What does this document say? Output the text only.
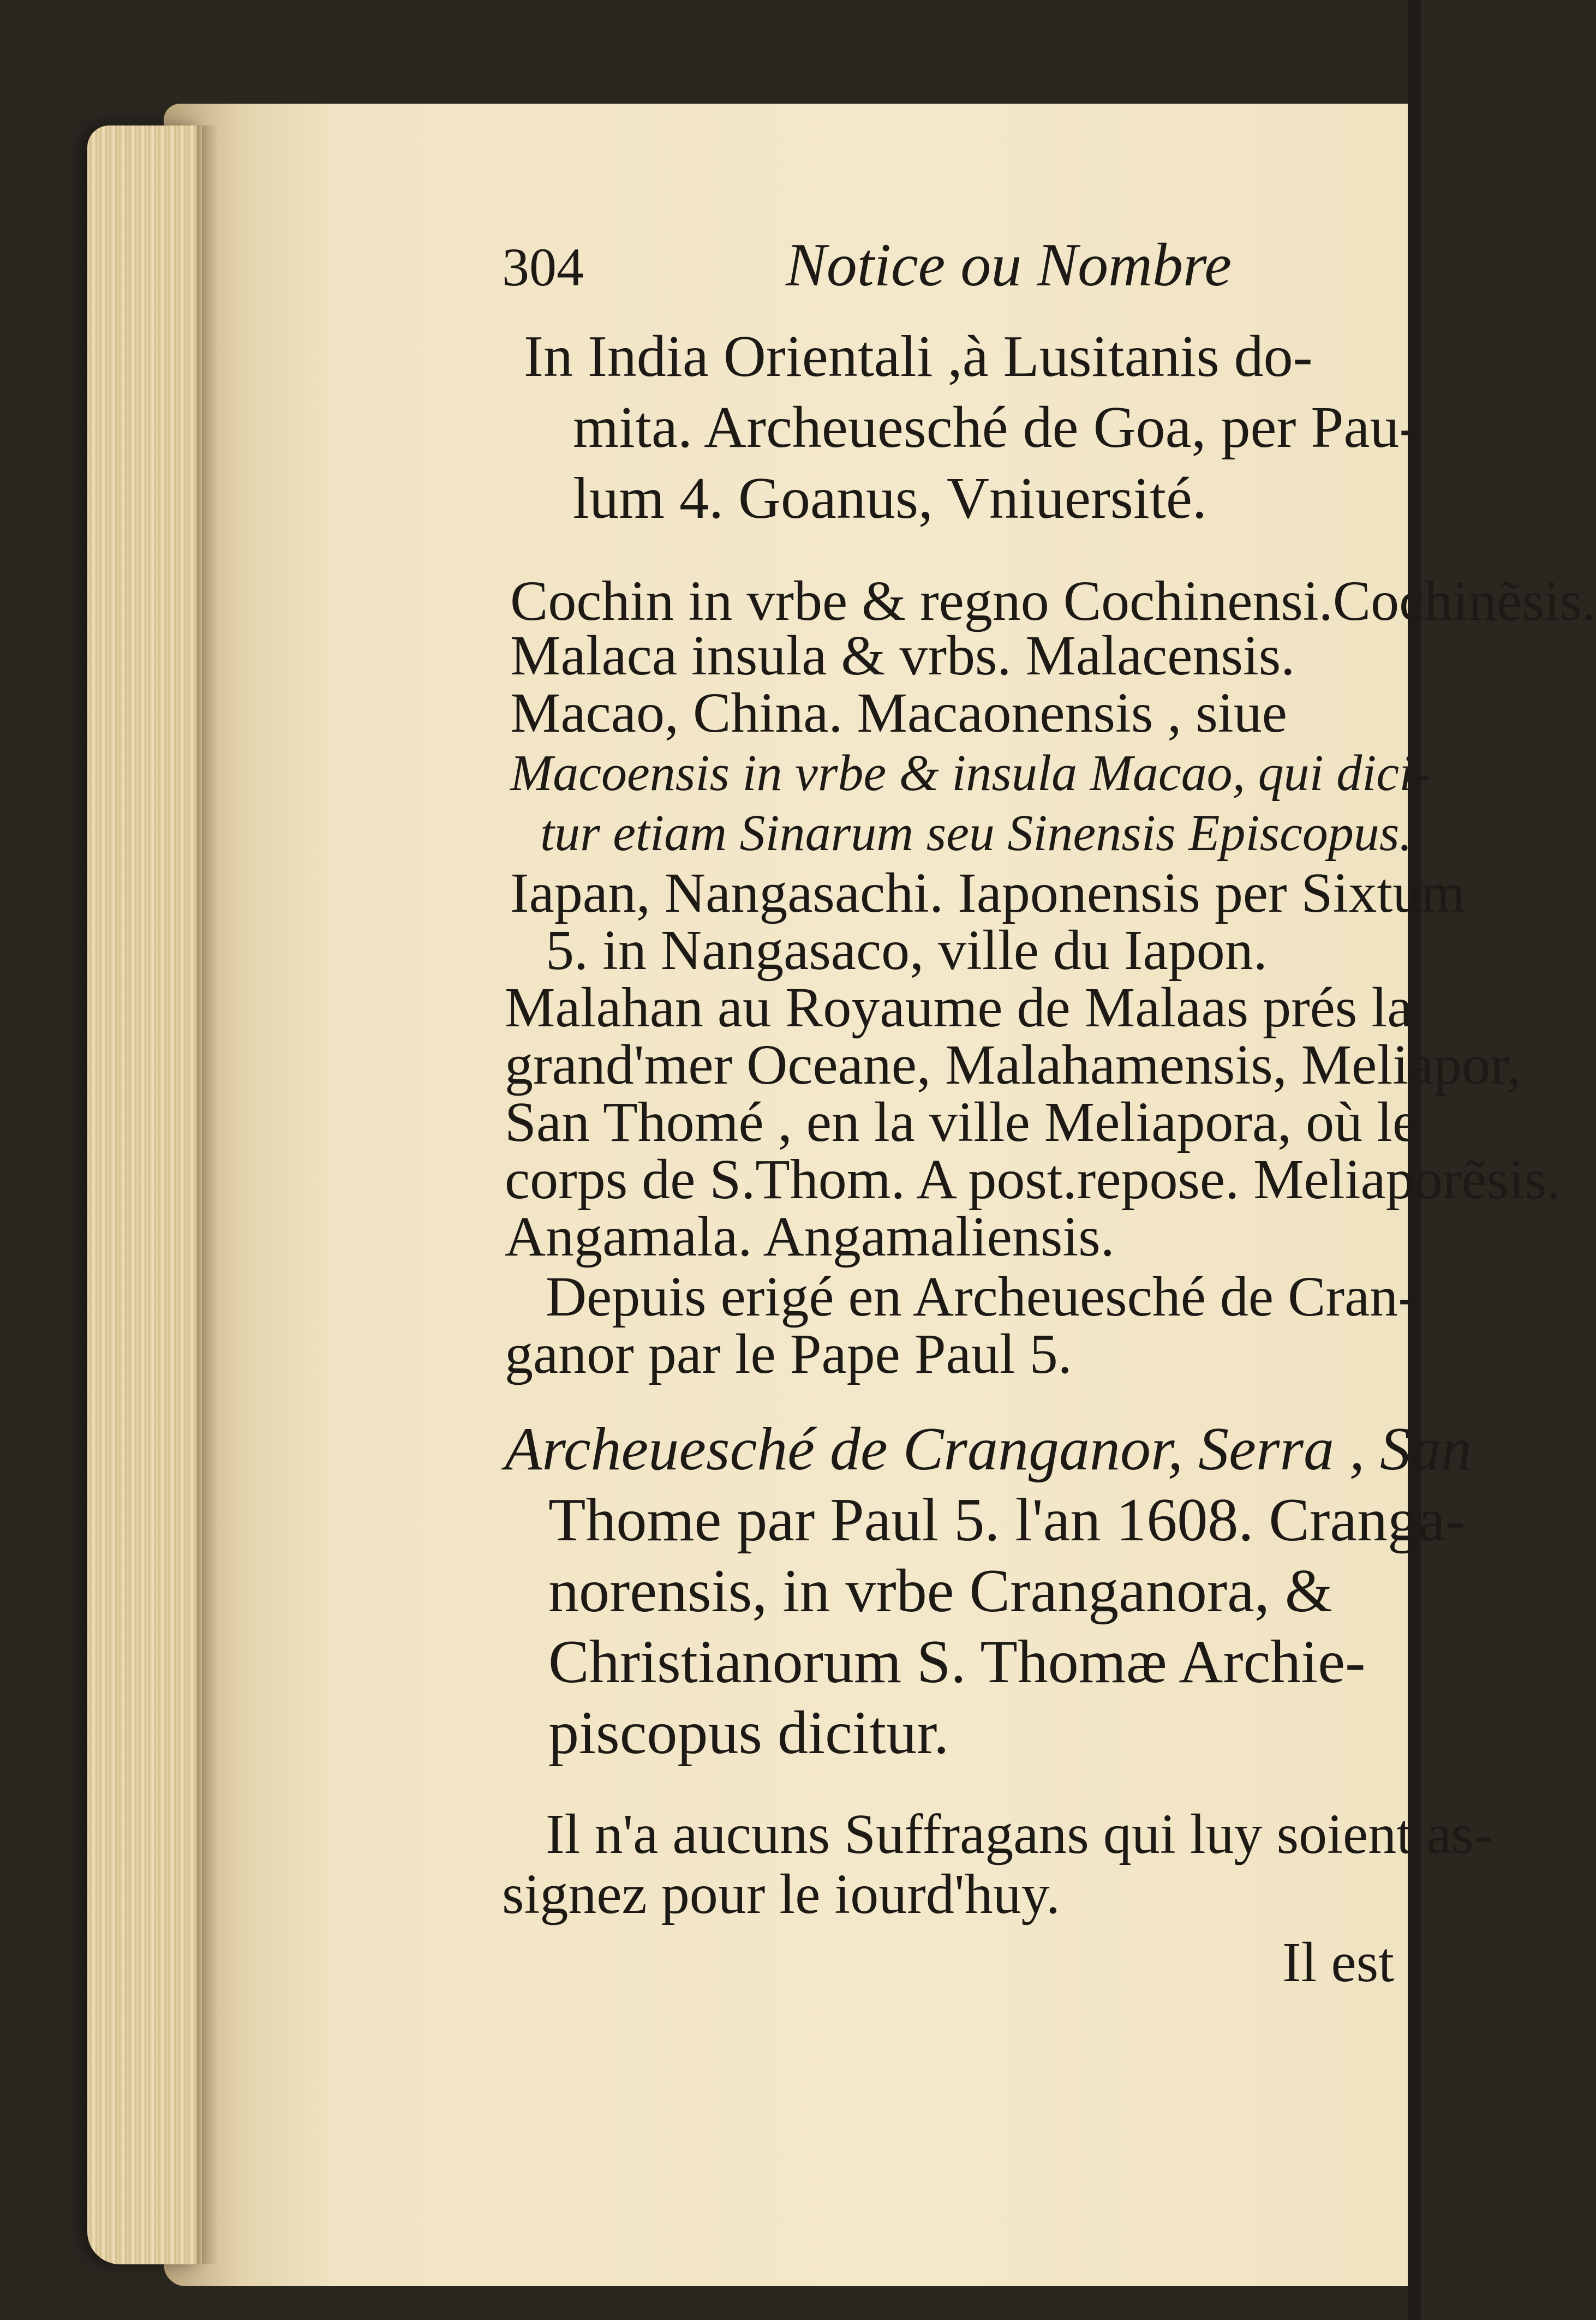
304	Notice ou Nombre
In India Orientali ,à Lusitanis do-
mita. Archeuesché de Goa, per Pau-
lum 4. Goanus, Vniuersité.
Cochin in vrbe & regno Cochinensi.Cochinẽsis.
Malaca insula & vrbs. Malacensis.
Macao, China. Macaonensis , siue
Macoensis in vrbe & insula Macao, qui dici-
tur etiam Sinarum seu Sinensis Episcopus.
Iapan, Nangasachi. Iaponensis per Sixtum
5. in Nangasaco, ville du Iapon.
Malahan au Royaume de Malaas prés la
grand'mer Oceane, Malahamensis, Meliapor,
San Thomé , en la ville Meliapora, où le
corps de S.Thom. A post.repose. Meliaporẽsis.
Angamala. Angamaliensis.
Depuis erigé en Archeuesché de Cran-
ganor par le Pape Paul 5.
Archeuesché de Cranganor, Serra , San
Thome par Paul 5. l'an 1608. Cranga-
norensis, in vrbe Cranganora, &
Christianorum S. Thomæ Archie-
piscopus dicitur.
Il n'a aucuns Suffragans qui luy soient as-
signez pour le iourd'huy.
Il est
